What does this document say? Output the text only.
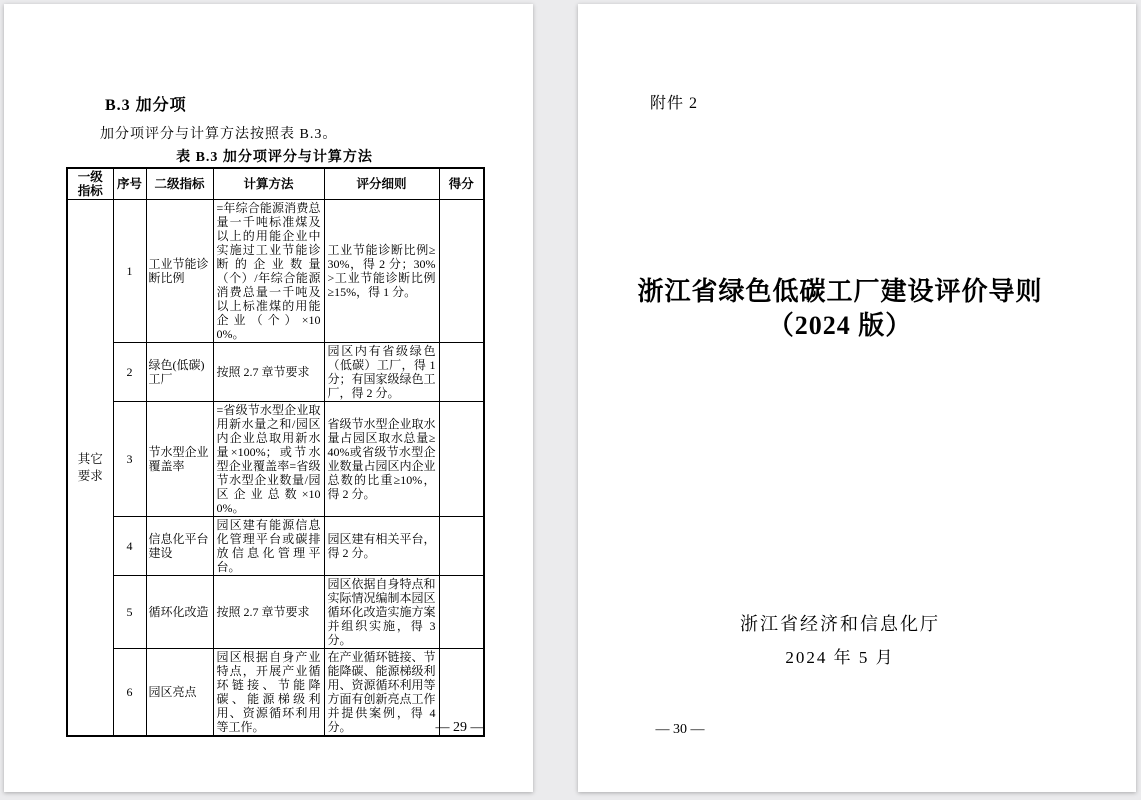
B.3 加分项
加分项评分与计算方法按照表 B.3。
表 B.3 加分项评分与计算方法
一级指标	序号	二级指标	计算方法	评分细则	得分
其它要求	1	工业节能诊断比例	=年综合能源消费总量一千吨标准煤及以上的用能企业中实施过工业节能诊断的企业数量（个）/年综合能源消费总量一千吨及以上标准煤的用能企业（个）×100%。	工业节能诊断比例≥30%，得 2 分；30%>工业节能诊断比例≥15%，得 1 分。	
	2	绿色(低碳)工厂	按照 2.7 章节要求	园区内有省级绿色（低碳）工厂，得 1 分；有国家级绿色工厂，得 2 分。	
	3	节水型企业覆盖率	=省级节水型企业取用新水量之和/园区内企业总取用新水量×100%；或节水型企业覆盖率=省级节水型企业数量/园区企业总数×100%。	省级节水型企业取水量占园区取水总量≥40%或省级节水型企业数量占园区内企业总数的比重≥10%，得 2 分。	
	4	信息化平台建设	园区建有能源信息化管理平台或碳排放信息化管理平台。	园区建有相关平台，得 2 分。	
	5	循环化改造	按照 2.7 章节要求	园区依据自身特点和实际情况编制本园区循环化改造实施方案并组织实施，得 3 分。	
	6	园区亮点	园区根据自身产业特点，开展产业循环链接、节能降碳、能源梯级利用、资源循环利用等工作。	在产业循环链接、节能降碳、能源梯级利用、资源循环利用等方面有创新亮点工作并提供案例，得 4 分。		— 29 —
附件 2
浙江省绿色低碳工厂建设评价导则
（2024 版）
浙江省经济和信息化厅
2024 年 5 月
— 30 —
